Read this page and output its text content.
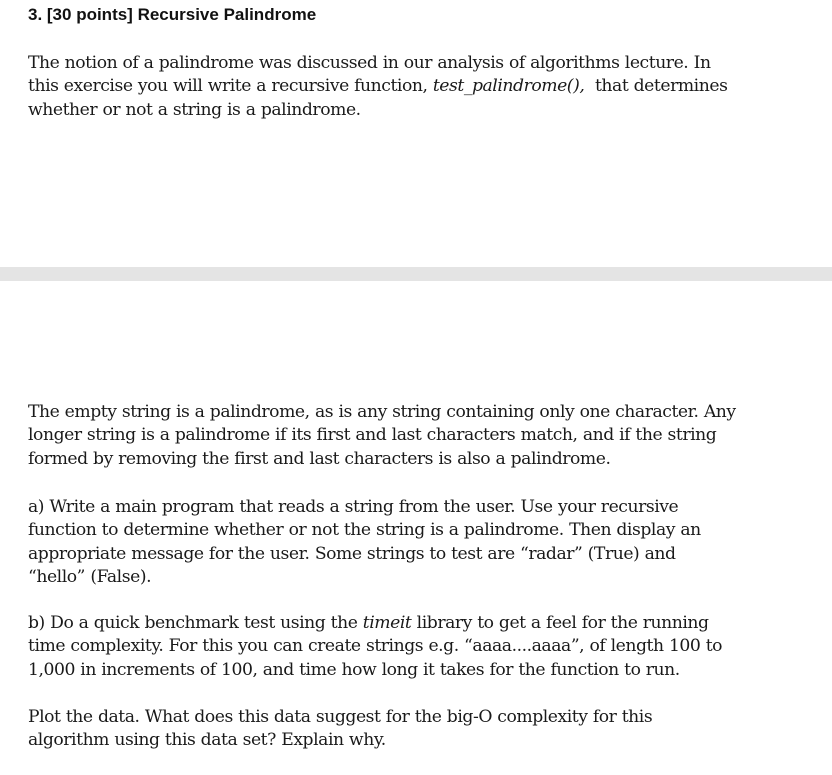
3. [30 points] Recursive Palindrome

The notion of a palindrome was discussed in our analysis of algorithms lecture. In
this exercise you will write a recursive function, test_palindrome(),  that determines
whether or not a string is a palindrome.

The empty string is a palindrome, as is any string containing only one character. Any
longer string is a palindrome if its first and last characters match, and if the string
formed by removing the first and last characters is also a palindrome.

a) Write a main program that reads a string from the user. Use your recursive
function to determine whether or not the string is a palindrome. Then display an
appropriate message for the user. Some strings to test are “radar” (True) and
“hello” (False).

b) Do a quick benchmark test using the timeit library to get a feel for the running
time complexity. For this you can create strings e.g. “aaaa....aaaa”, of length 100 to
1,000 in increments of 100, and time how long it takes for the function to run.

Plot the data. What does this data suggest for the big-O complexity for this
algorithm using this data set? Explain why.
